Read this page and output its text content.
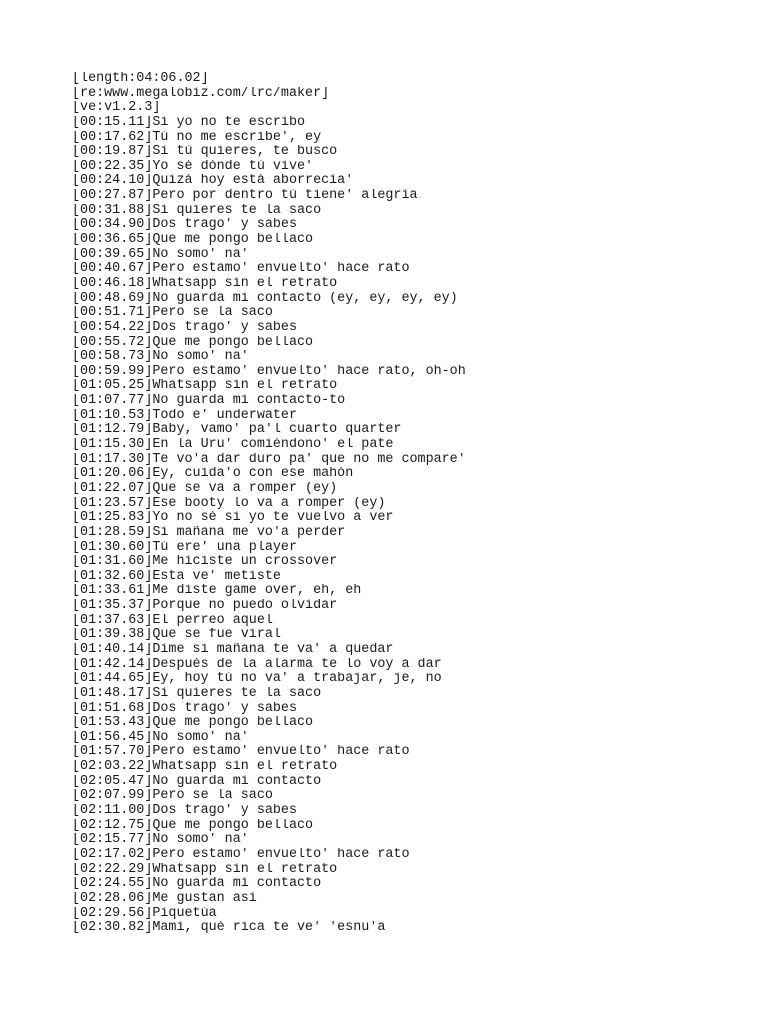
[length:04:06.02]
[re:www.megalobiz.com/lrc/maker]
[ve:v1.2.3]
[00:15.11]Si yo no te escribo
[00:17.62]Tú no me escribe', ey
[00:19.87]Si tú quieres, te busco
[00:22.35]Yo sé dónde tú vive'
[00:24.10]Quizá hoy está aborrecía'
[00:27.87]Pero por dentro tú tiene' alegría
[00:31.88]Si quieres te la saco
[00:34.90]Dos trago' y sabes
[00:36.65]Que me pongo bellaco
[00:39.65]No somo' na'
[00:40.67]Pero estamo' envuelto' hace rato
[00:46.18]Whatsapp sin el retrato
[00:48.69]No guarda mi contacto (ey, ey, ey, ey)
[00:51.71]Pero se la saco
[00:54.22]Dos trago' y sabes
[00:55.72]Que me pongo bellaco
[00:58.73]No somo' na'
[00:59.99]Pero estamo' envuelto' hace rato, oh-oh
[01:05.25]Whatsapp sin el retrato
[01:07.77]No guarda mi contacto-to
[01:10.53]Todo e' underwater
[01:12.79]Baby, vamo' pa'l cuarto quarter
[01:15.30]En la Uru' comiéndono' el pate
[01:17.30]Te vo'a dar duro pa' que no me compare'
[01:20.06]Ey, cuida'o con ese mahón
[01:22.07]Que se va a romper (ey)
[01:23.57]Ese booty lo va a romper (ey)
[01:25.83]Yo no sé si yo te vuelvo a ver
[01:28.59]Si mañana me vo'a perder
[01:30.60]Tú ere' una player
[01:31.60]Me hiciste un crossover
[01:32.60]Esta ve' metiste
[01:33.61]Me diste game over, eh, eh
[01:35.37]Porque no puedo olvidar
[01:37.63]El perreo aquel
[01:39.38]Que se fue viral
[01:40.14]Dime si mañana te va' a quedar
[01:42.14]Después de la alarma te lo voy a dar
[01:44.65]Ey, hoy tú no va' a trabajar, je, no
[01:48.17]Si quieres te la saco
[01:51.68]Dos trago' y sabes
[01:53.43]Que me pongo bellaco
[01:56.45]No somo' na'
[01:57.70]Pero estamo' envuelto' hace rato
[02:03.22]Whatsapp sin el retrato
[02:05.47]No guarda mi contacto
[02:07.99]Pero se la saco
[02:11.00]Dos trago' y sabes
[02:12.75]Que me pongo bellaco
[02:15.77]No somo' na'
[02:17.02]Pero estamo' envuelto' hace rato
[02:22.29]Whatsapp sin el retrato
[02:24.55]No guarda mi contacto
[02:28.06]Me gustan así
[02:29.56]Piquetúa
[02:30.82]Mami, qué rica te ve' 'esnu'a
